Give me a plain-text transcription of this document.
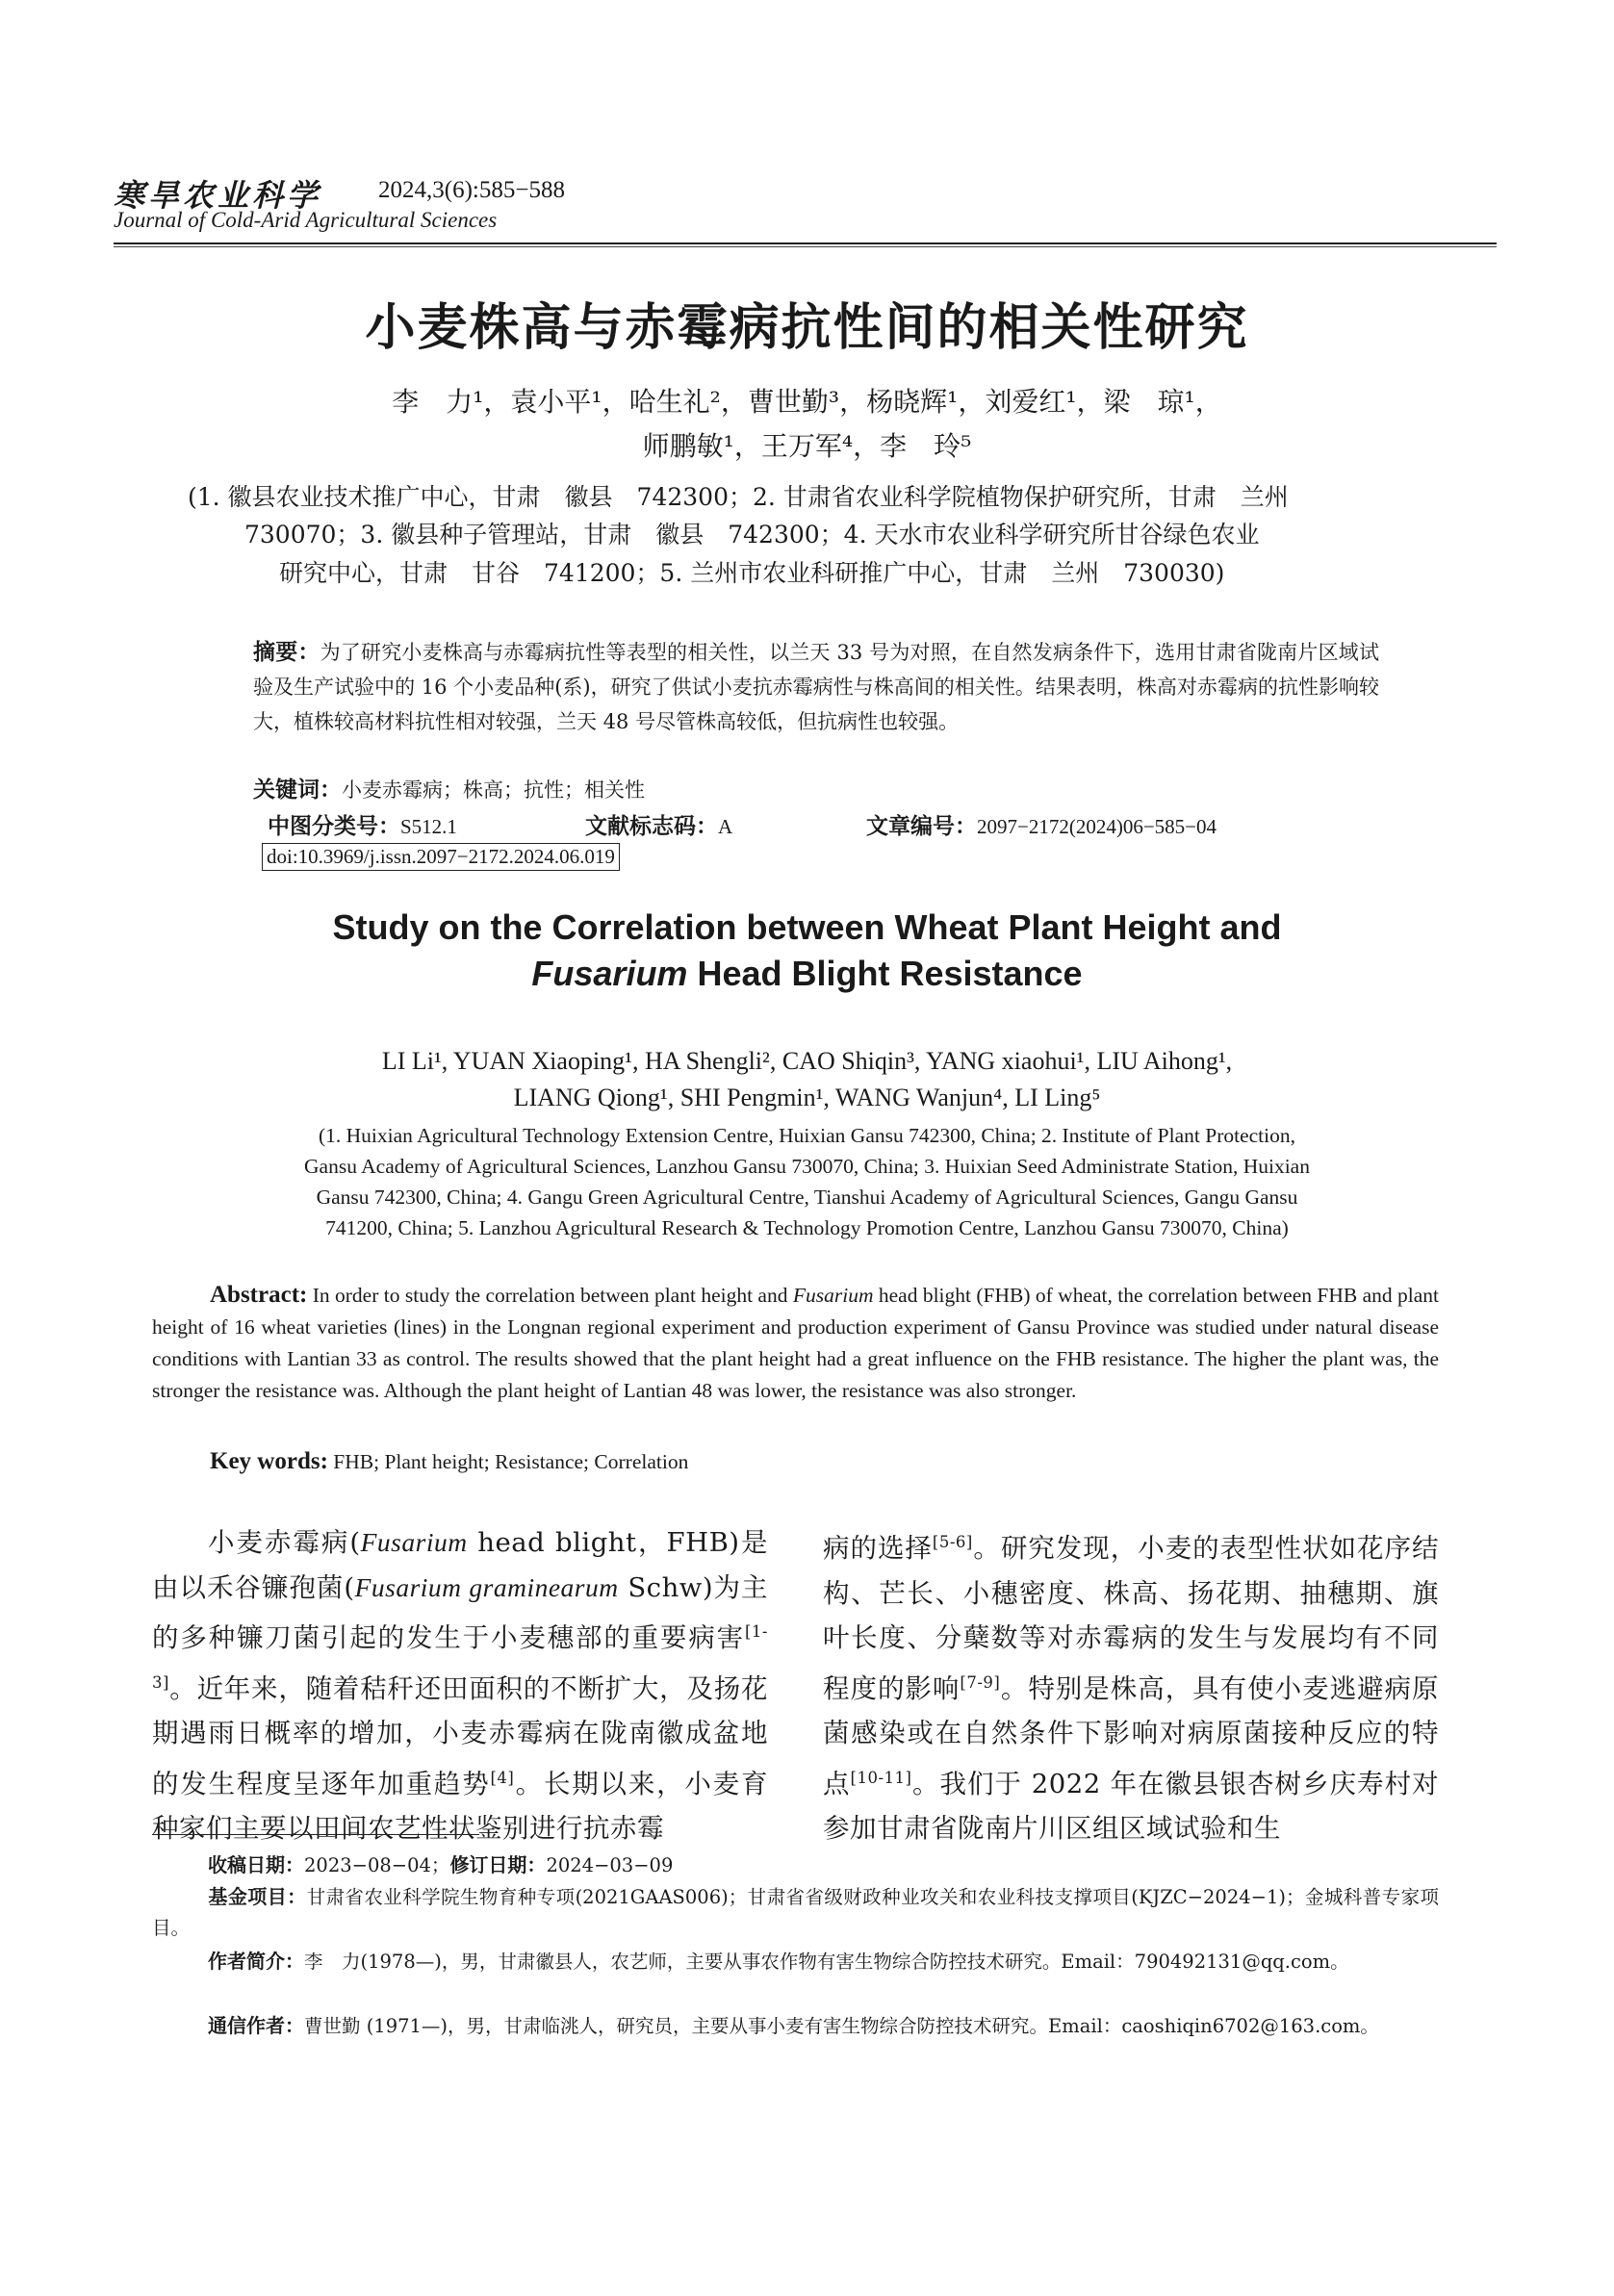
寒旱农业科学 2024,3(6):585−588
Journal of Cold-Arid Agricultural Sciences
小麦株高与赤霉病抗性间的相关性研究
李　力¹，袁小平¹，哈生礼²，曹世勤³，杨晓辉¹，刘爱红¹，梁　琼¹，
师鹏敏¹，王万军⁴，李　玲⁵
(1. 徽县农业技术推广中心，甘肃　徽县　742300；2. 甘肃省农业科学院植物保护研究所，甘肃　兰州
730070；3. 徽县种子管理站，甘肃　徽县　742300；4. 天水市农业科学研究所甘谷绿色农业
研究中心，甘肃　甘谷　741200；5. 兰州市农业科研推广中心，甘肃　兰州　730030)
摘要：为了研究小麦株高与赤霉病抗性等表型的相关性，以兰天 33 号为对照，在自然发病条件下，选用甘肃省陇南片区域试验及生产试验中的 16 个小麦品种(系)，研究了供试小麦抗赤霉病性与株高间的相关性。结果表明，株高对赤霉病的抗性影响较大，植株较高材料抗性相对较强，兰天 48 号尽管株高较低，但抗病性也较强。
关键词：小麦赤霉病；株高；抗性；相关性
中图分类号：S512.1	文献标志码：A	文章编号：2097−2172(2024)06−585−04
doi:10.3969/j.issn.2097−2172.2024.06.019
Study on the Correlation between Wheat Plant Height and
Fusarium Head Blight Resistance
LI Li¹, YUAN Xiaoping¹, HA Shengli², CAO Shiqin³, YANG xiaohui¹, LIU Aihong¹,
LIANG Qiong¹, SHI Pengmin¹, WANG Wanjun⁴, LI Ling⁵
(1. Huixian Agricultural Technology Extension Centre, Huixian Gansu 742300, China; 2. Institute of Plant Protection,
Gansu Academy of Agricultural Sciences, Lanzhou Gansu 730070, China; 3. Huixian Seed Administrate Station, Huixian
Gansu 742300, China; 4. Gangu Green Agricultural Centre, Tianshui Academy of Agricultural Sciences, Gangu Gansu
741200, China; 5. Lanzhou Agricultural Research & Technology Promotion Centre, Lanzhou Gansu 730070, China)
Abstract: In order to study the correlation between plant height and Fusarium head blight (FHB) of wheat, the correlation between FHB and plant height of 16 wheat varieties (lines) in the Longnan regional experiment and production experiment of Gansu Province was studied under natural disease conditions with Lantian 33 as control. The results showed that the plant height had a great influence on the FHB resistance. The higher the plant was, the stronger the resistance was. Although the plant height of Lantian 48 was lower, the resistance was also stronger.
Key words: FHB; Plant height; Resistance; Correlation
小麦赤霉病(Fusarium head blight，FHB)是由以禾谷镰孢菌(Fusarium graminearum Schw)为主的多种镰刀菌引起的发生于小麦穗部的重要病害[1-3]。近年来，随着秸秆还田面积的不断扩大，及扬花期遇雨日概率的增加，小麦赤霉病在陇南徽成盆地的发生程度呈逐年加重趋势[4]。长期以来，小麦育种家们主要以田间农艺性状鉴别进行抗赤霉
病的选择[5-6]。研究发现，小麦的表型性状如花序结构、芒长、小穗密度、株高、扬花期、抽穗期、旗叶长度、分蘖数等对赤霉病的发生与发展均有不同程度的影响[7-9]。特别是株高，具有使小麦逃避病原菌感染或在自然条件下影响对病原菌接种反应的特点[10-11]。我们于 2022 年在徽县银杏树乡庆寿村对参加甘肃省陇南片川区组区域试验和生
收稿日期：2023−08−04；修订日期：2024−03−09
基金项目：甘肃省农业科学院生物育种专项(2021GAAS006)；甘肃省省级财政种业攻关和农业科技支撑项目(KJZC−2024−1)；金城科普专家项目。
作者简介：李　力(1978—)，男，甘肃徽县人，农艺师，主要从事农作物有害生物综合防控技术研究。Email：790492131@qq.com。
通信作者：曹世勤 (1971—)，男，甘肃临洮人，研究员，主要从事小麦有害生物综合防控技术研究。Email：caoshiqin6702@163.com。
